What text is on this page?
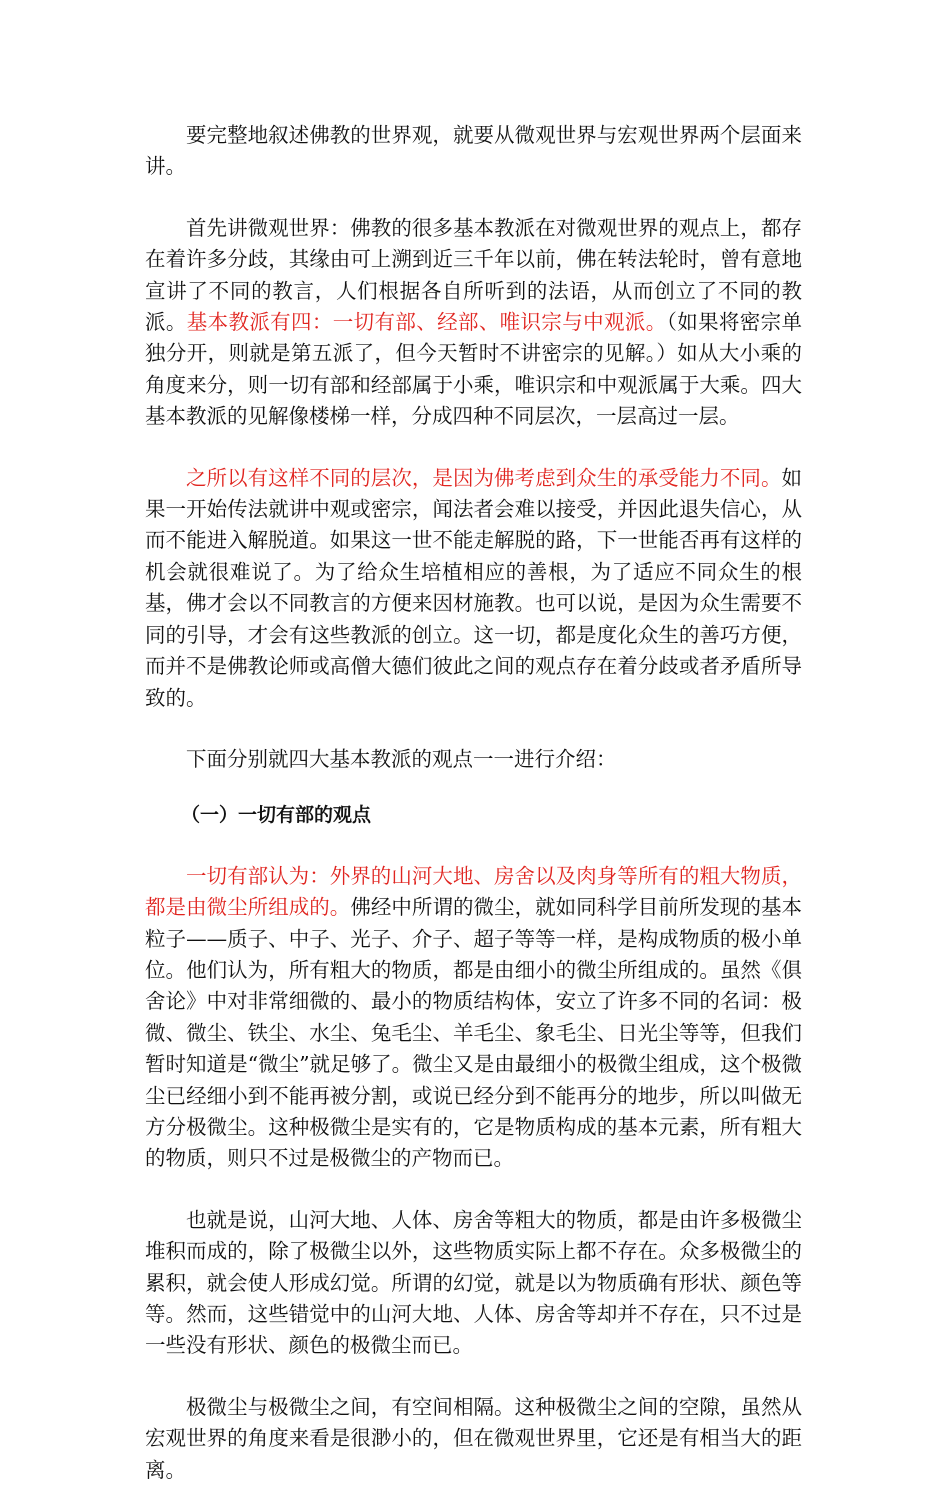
要完整地叙述佛教的世界观，就要从微观世界与宏观世界两个层面来讲。

首先讲微观世界：佛教的很多基本教派在对微观世界的观点上，都存在着许多分歧，其缘由可上溯到近三千年以前，佛在转法轮时，曾有意地宣讲了不同的教言，人们根据各自所听到的法语，从而创立了不同的教派。基本教派有四：一切有部、经部、唯识宗与中观派。（如果将密宗单独分开，则就是第五派了，但今天暂时不讲密宗的见解。）如从大小乘的角度来分，则一切有部和经部属于小乘，唯识宗和中观派属于大乘。四大基本教派的见解像楼梯一样，分成四种不同层次，一层高过一层。

之所以有这样不同的层次，是因为佛考虑到众生的承受能力不同。如果一开始传法就讲中观或密宗，闻法者会难以接受，并因此退失信心，从而不能进入解脱道。如果这一世不能走解脱的路，下一世能否再有这样的机会就很难说了。为了给众生培植相应的善根，为了适应不同众生的根基，佛才会以不同教言的方便来因材施教。也可以说，是因为众生需要不同的引导，才会有这些教派的创立。这一切，都是度化众生的善巧方便，而并不是佛教论师或高僧大德们彼此之间的观点存在着分歧或者矛盾所导致的。

下面分别就四大基本教派的观点一一进行介绍：

（一）一切有部的观点

一切有部认为：外界的山河大地、房舍以及肉身等所有的粗大物质，都是由微尘所组成的。佛经中所谓的微尘，就如同科学目前所发现的基本粒子——质子、中子、光子、介子、超子等等一样，是构成物质的极小单位。他们认为，所有粗大的物质，都是由细小的微尘所组成的。虽然《俱舍论》中对非常细微的、最小的物质结构体，安立了许多不同的名词：极微、微尘、铁尘、水尘、兔毛尘、羊毛尘、象毛尘、日光尘等等，但我们暂时知道是“微尘”就足够了。微尘又是由最细小的极微尘组成，这个极微尘已经细小到不能再被分割，或说已经分到不能再分的地步，所以叫做无方分极微尘。这种极微尘是实有的，它是物质构成的基本元素，所有粗大的物质，则只不过是极微尘的产物而已。

也就是说，山河大地、人体、房舍等粗大的物质，都是由许多极微尘堆积而成的，除了极微尘以外，这些物质实际上都不存在。众多极微尘的累积，就会使人形成幻觉。所谓的幻觉，就是以为物质确有形状、颜色等等。然而，这些错觉中的山河大地、人体、房舍等却并不存在，只不过是一些没有形状、颜色的极微尘而已。

极微尘与极微尘之间，有空间相隔。这种极微尘之间的空隙，虽然从宏观世界的角度来看是很渺小的，但在微观世界里，它还是有相当大的距离。
